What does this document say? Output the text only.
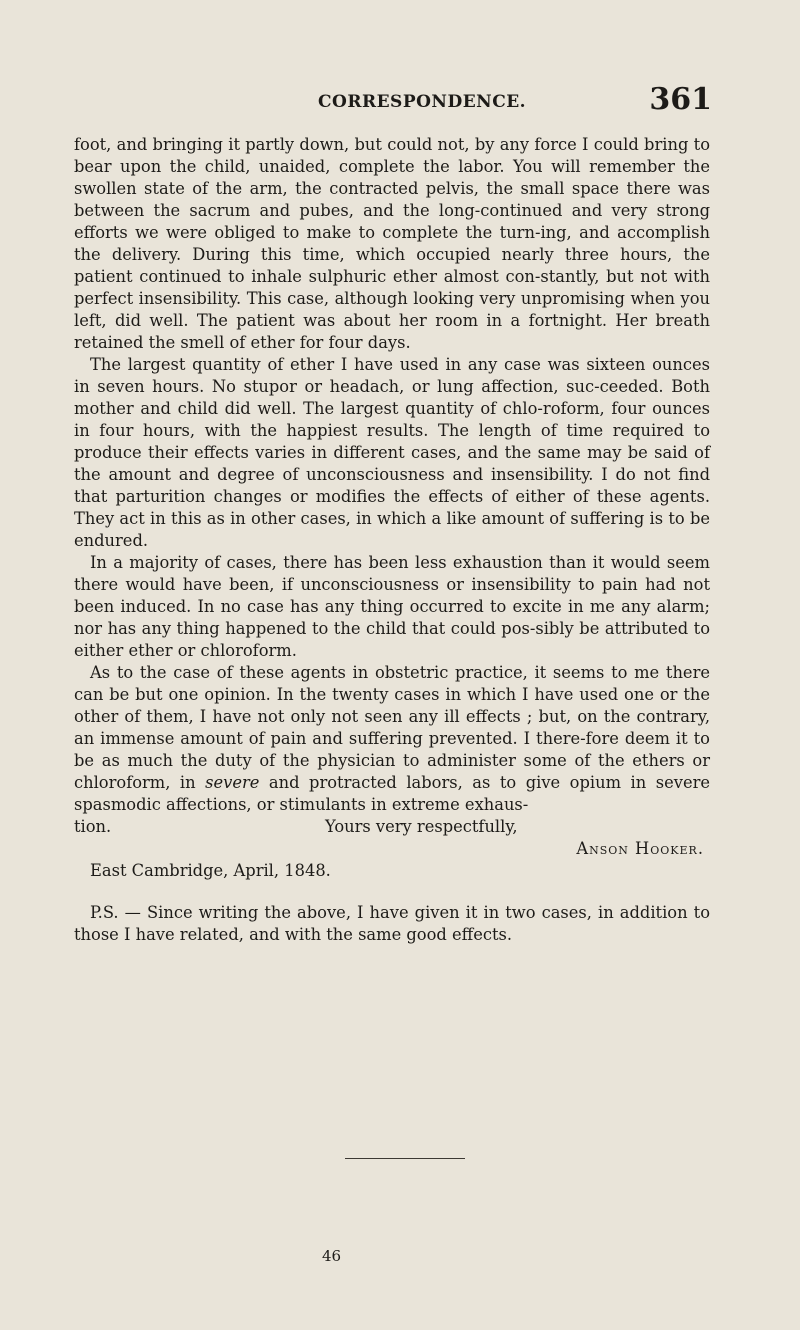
CORRESPONDENCE.	361

foot, and bringing it partly down, but could not, by any force I could bring to bear upon the child, unaided, complete the labor. You will remember the swollen state of the arm, the contracted pelvis, the small space there was between the sacrum and pubes, and the long-continued and very strong efforts we were obliged to make to complete the turn-ing, and accomplish the delivery. During this time, which occupied nearly three hours, the patient continued to inhale sulphuric ether almost con-stantly, but not with perfect insensibility. This case, although looking very unpromising when you left, did well. The patient was about her room in a fortnight. Her breath retained the smell of ether for four days.

The largest quantity of ether I have used in any case was sixteen ounces in seven hours. No stupor or headach, or lung affection, suc-ceeded. Both mother and child did well. The largest quantity of chlo-roform, four ounces in four hours, with the happiest results. The length of time required to produce their effects varies in different cases, and the same may be said of the amount and degree of unconsciousness and insensibility. I do not find that parturition changes or modifies the effects of either of these agents. They act in this as in other cases, in which a like amount of suffering is to be endured.

In a majority of cases, there has been less exhaustion than it would seem there would have been, if unconsciousness or insensibility to pain had not been induced. In no case has any thing occurred to excite in me any alarm; nor has any thing happened to the child that could pos-sibly be attributed to either ether or chloroform.

As to the case of these agents in obstetric practice, it seems to me there can be but one opinion. In the twenty cases in which I have used one or the other of them, I have not only not seen any ill effects ; but, on the contrary, an immense amount of pain and suffering prevented. I there-fore deem it to be as much the duty of the physician to administer some of the ethers or chloroform, in severe and protracted labors, as to give opium in severe spasmodic affections, or stimulants in extreme exhaus-

tion.	Yours very respectfully,

Anson Hooker.

East Cambridge, April, 1848.

P.S. — Since writing the above, I have given it in two cases, in addition to those I have related, and with the same good effects.

46
